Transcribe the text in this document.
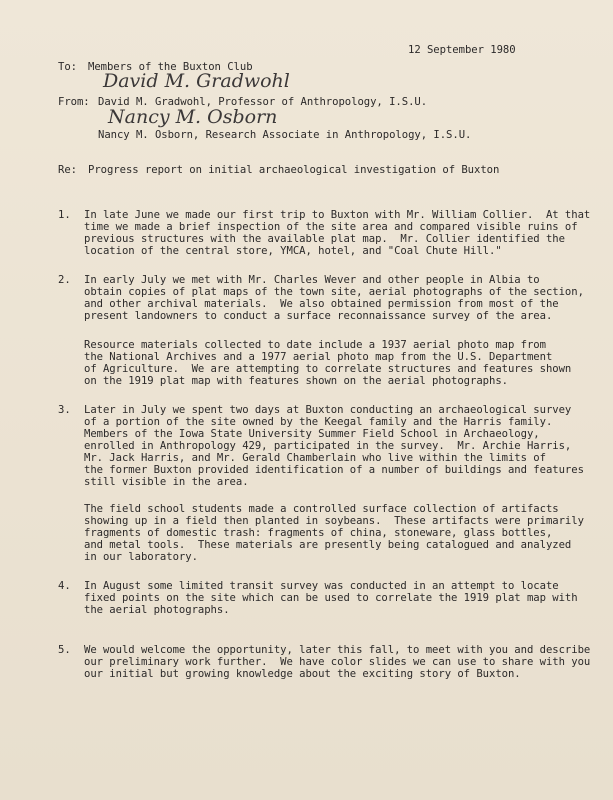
12 September 1980
To: Members of the Buxton Club
David M. Gradwohl
From: David M. Gradwohl, Professor of Anthropology, I.S.U.
Nancy M. Osborn
Nancy M. Osborn, Research Associate in Anthropology, I.S.U.
Re: Progress report on initial archaeological investigation of Buxton
1. In late June we made our first trip to Buxton with Mr. William Collier.  At that
time we made a brief inspection of the site area and compared visible ruins of
previous structures with the available plat map.  Mr. Collier identified the
location of the central store, YMCA, hotel, and "Coal Chute Hill."
2. In early July we met with Mr. Charles Wever and other people in Albia to
obtain copies of plat maps of the town site, aerial photographs of the section,
and other archival materials.  We also obtained permission from most of the
present landowners to conduct a surface reconnaissance survey of the area.
Resource materials collected to date include a 1937 aerial photo map from
the National Archives and a 1977 aerial photo map from the U.S. Department
of Agriculture.  We are attempting to correlate structures and features shown
on the 1919 plat map with features shown on the aerial photographs.
3. Later in July we spent two days at Buxton conducting an archaeological survey
of a portion of the site owned by the Keegal family and the Harris family.
Members of the Iowa State University Summer Field School in Archaeology,
enrolled in Anthropology 429, participated in the survey.  Mr. Archie Harris,
Mr. Jack Harris, and Mr. Gerald Chamberlain who live within the limits of
the former Buxton provided identification of a number of buildings and features
still visible in the area.
The field school students made a controlled surface collection of artifacts
showing up in a field then planted in soybeans.  These artifacts were primarily
fragments of domestic trash: fragments of china, stoneware, glass bottles,
and metal tools.  These materials are presently being catalogued and analyzed
in our laboratory.
4. In August some limited transit survey was conducted in an attempt to locate
fixed points on the site which can be used to correlate the 1919 plat map with
the aerial photographs.
5. We would welcome the opportunity, later this fall, to meet with you and describe
our preliminary work further.  We have color slides we can use to share with you
our initial but growing knowledge about the exciting story of Buxton.
